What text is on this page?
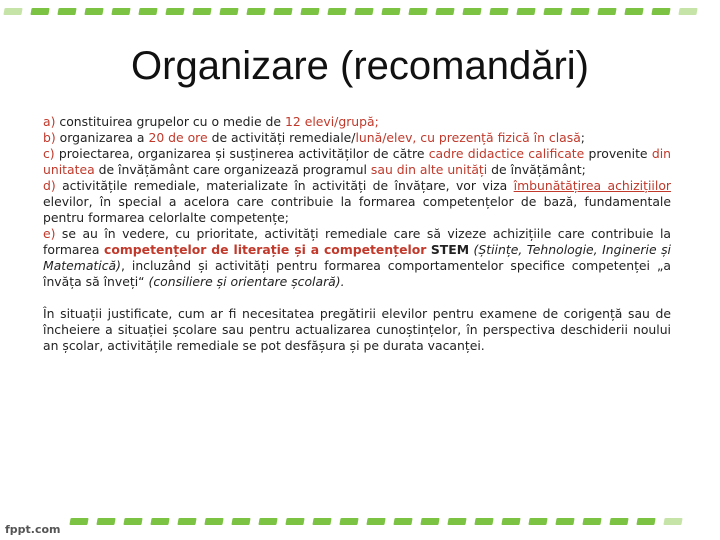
Organizare (recomandări)

a) constituirea grupelor cu o medie de 12 elevi/grupă;

b) organizarea a 20 de ore de activități remediale/lună/elev, cu prezență fizică în clasă;

c) proiectarea, organizarea și susținerea activităților de către cadre didactice calificate provenite din unitatea de învățământ care organizează programul sau din alte unități de învățământ;

d) activitățile remediale, materializate în activități de învățare, vor viza îmbunătățirea achizițiilor elevilor, în special a acelora care contribuie la formarea competențelor de bază, fundamentale pentru formarea celorlalte competențe;

e) se au în vedere, cu prioritate, activități remediale care să vizeze achizițiile care contribuie la formarea competențelor de literație și a competențelor STEM (Științe, Tehnologie, Inginerie și Matematică), incluzând și activități pentru formarea comportamentelor specifice competenței „a învăța să înveți“ (consiliere și orientare școlară).

În situații justificate, cum ar fi necesitatea pregătirii elevilor pentru examene de corigență sau de încheiere a situației școlare sau pentru actualizarea cunoștințelor, în perspectiva deschiderii noului an școlar, activitățile remediale se pot desfășura și pe durata vacanței.

fppt.com
